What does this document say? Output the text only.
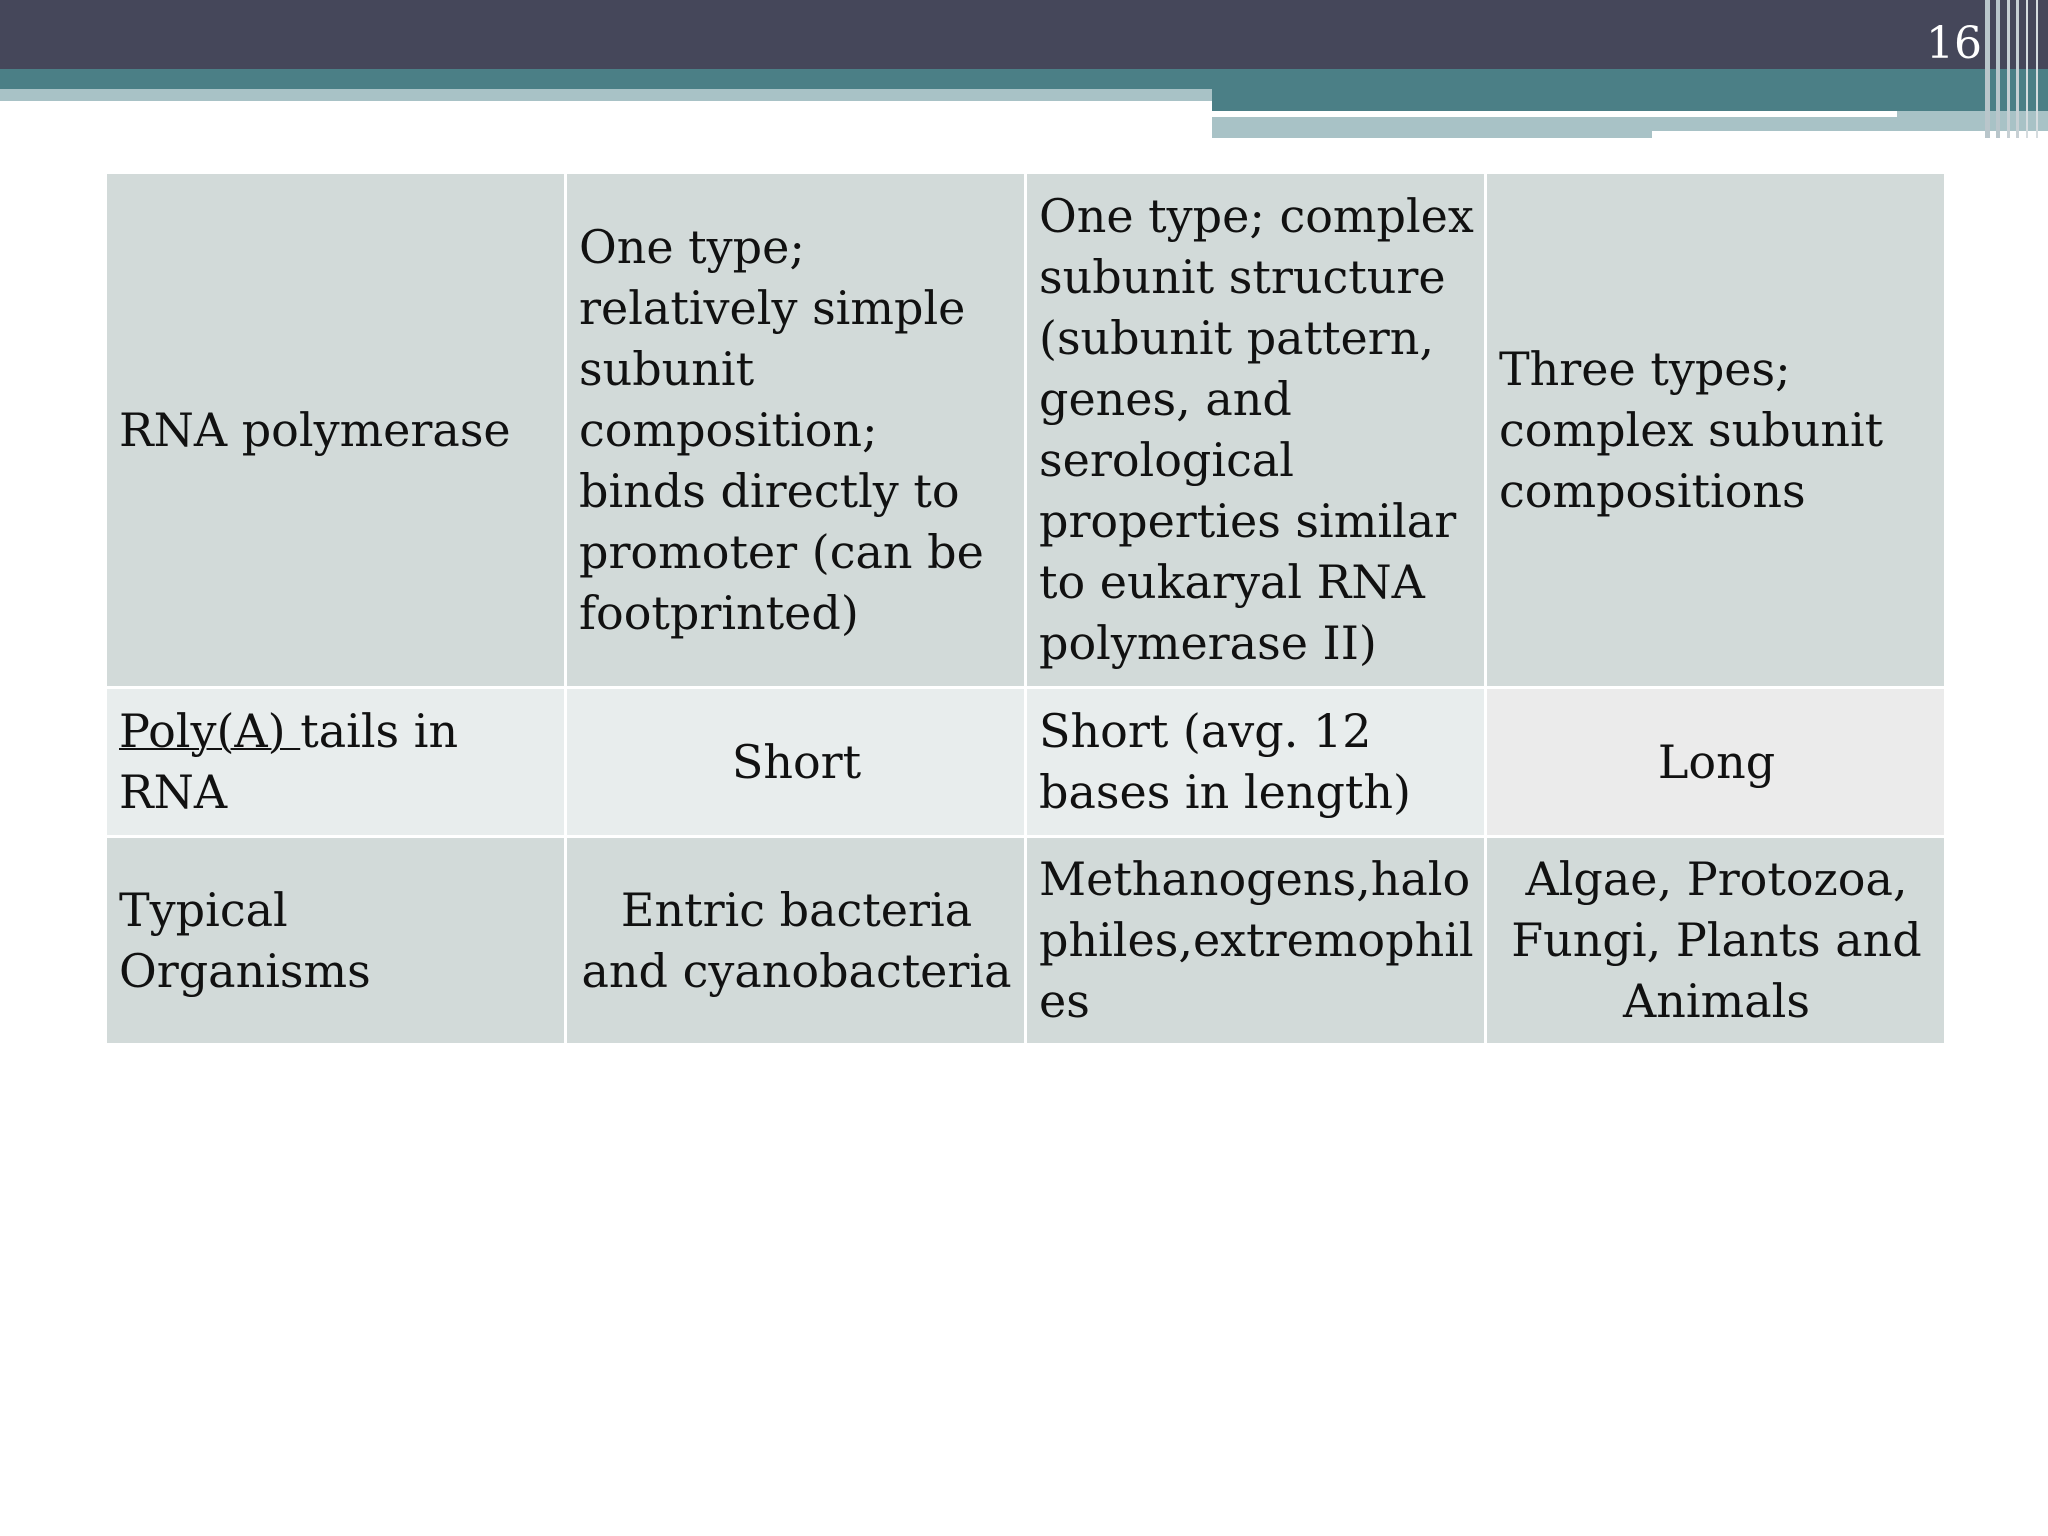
16
RNA polymerase	One type; relatively simple subunit composition; binds directly to promoter (can be footprinted)	One type; complex subunit structure (subunit pattern, genes, and serological properties similar to eukaryal RNA polymerase II)	Three types; complex subunit compositions
Poly(A) tails in RNA	Short	Short (avg. 12 bases in length)	Long
Typical Organisms	Entric bacteria and cyanobacteria	Methanogens,halophiles,extremophiles	Algae, Protozoa, Fungi, Plants and Animals
